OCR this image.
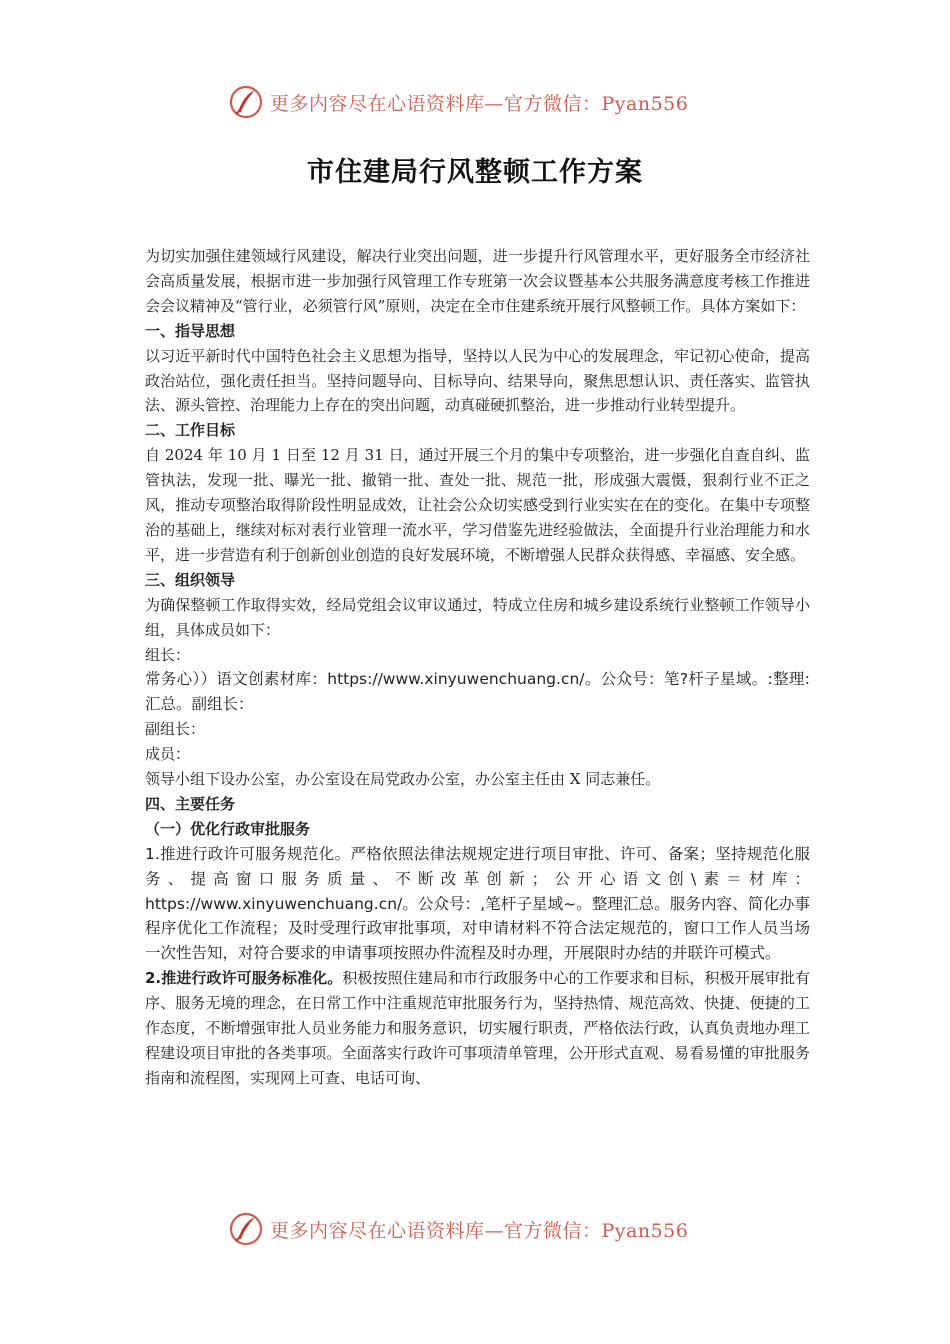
更多内容尽在心语资料库—官方微信：Pyan556
市住建局行风整顿工作方案

为切实加强住建领域行风建设，解决行业突出问题，进一步提升行风管理水平，更好服务全市经济社会高质量发展，根据市进一步加强行风管理工作专班第一次会议暨基本公共服务满意度考核工作推进会会议精神及“管行业，必须管行风”原则，决定在全市住建系统开展行风整顿工作。具体方案如下：

一、指导思想

以习近平新时代中国特色社会主义思想为指导，坚持以人民为中心的发展理念，牢记初心使命，提高政治站位，强化责任担当。坚持问题导向、目标导向、结果导向，聚焦思想认识、责任落实、监管执法、源头管控、治理能力上存在的突出问题，动真碰硬抓整治，进一步推动行业转型提升。

二、工作目标

自 2024 年 10 月 1 日至 12 月 31 日，通过开展三个月的集中专项整治，进一步强化自查自纠、监管执法，发现一批、曝光一批、撤销一批、查处一批、规范一批，形成强大震慑，狠刹行业不正之风，推动专项整治取得阶段性明显成效，让社会公众切实感受到行业实实在在的变化。在集中专项整治的基础上，继续对标对表行业管理一流水平，学习借鉴先进经验做法，全面提升行业治理能力和水平，进一步营造有利于创新创业创造的良好发展环境，不断增强人民群众获得感、幸福感、安全感。

三、组织领导

为确保整顿工作取得实效，经局党组会议审议通过，特成立住房和城乡建设系统行业整顿工作领导小组，具体成员如下：

组长：

常务心））语文创素材库：https://www.xinyuwenchuang.cn/。公众号：笔?杆子星域。:整理:汇总。副组长：

副组长：

成员：

领导小组下设办公室，办公室设在局党政办公室，办公室主任由 X 同志兼任。

四、主要任务

（一）优化行政审批服务

1.推进行政许可服务规范化。严格依照法律法规规定进行项目审批、许可、备案；坚持规范化服务、提高窗口服务质量、不断改革创新；公开心语文创\素＝材库：https://www.xinyuwenchuang.cn/。公众号：,笔杆子星域~。整理汇总。服务内容、简化办事程序优化工作流程；及时受理行政审批事项，对申请材料不符合法定规范的，窗口工作人员当场一次性告知，对符合要求的申请事项按照办件流程及时办理，开展限时办结的并联许可模式。

2.推进行政许可服务标准化。积极按照住建局和市行政服务中心的工作要求和目标，积极开展审批有序、服务无境的理念，在日常工作中注重规范审批服务行为，坚持热情、规范高效、快捷、便捷的工作态度，不断增强审批人员业务能力和服务意识，切实履行职责，严格依法行政，认真负责地办理工程建设项目审批的各类事项。全面落实行政许可事项清单管理，公开形式直观、易看易懂的审批服务指南和流程图，实现网上可查、电话可询、

更多内容尽在心语资料库—官方微信：Pyan556
